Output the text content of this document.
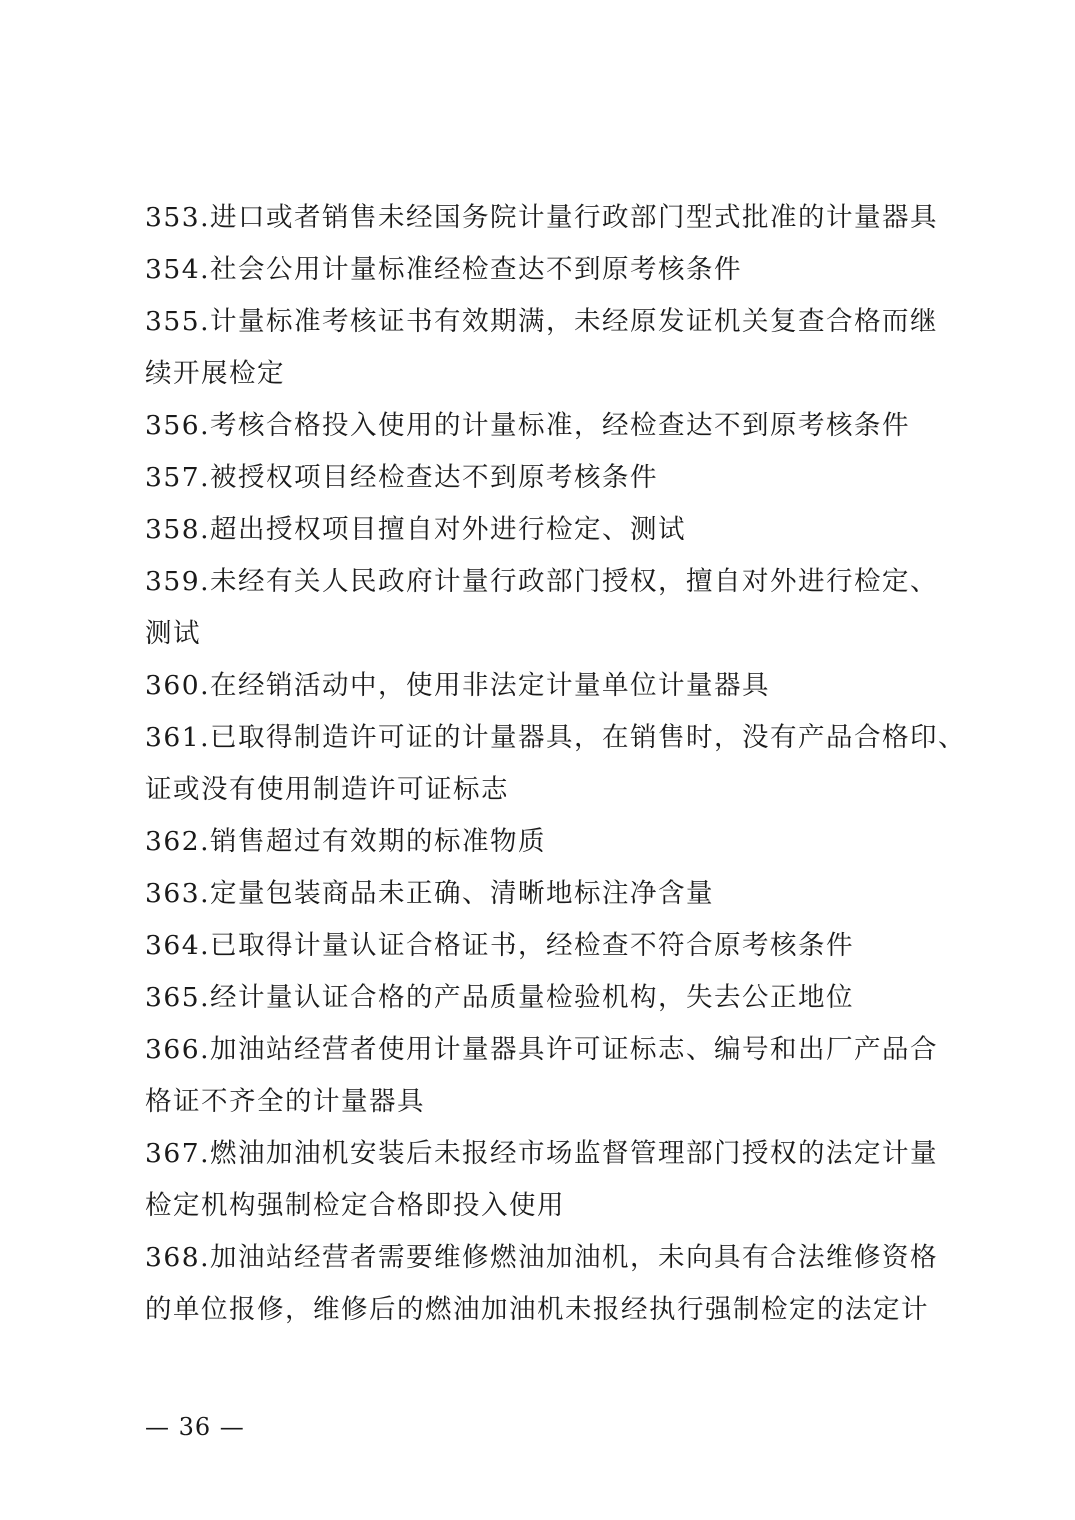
353.进口或者销售未经国务院计量行政部门型式批准的计量器具
354.社会公用计量标准经检查达不到原考核条件
355.计量标准考核证书有效期满，未经原发证机关复查合格而继
续开展检定
356.考核合格投入使用的计量标准，经检查达不到原考核条件
357.被授权项目经检查达不到原考核条件
358.超出授权项目擅自对外进行检定、测试
359.未经有关人民政府计量行政部门授权，擅自对外进行检定、
测试
360.在经销活动中，使用非法定计量单位计量器具
361.已取得制造许可证的计量器具，在销售时，没有产品合格印、
证或没有使用制造许可证标志
362.销售超过有效期的标准物质
363.定量包装商品未正确、清晰地标注净含量
364.已取得计量认证合格证书，经检查不符合原考核条件
365.经计量认证合格的产品质量检验机构，失去公正地位
366.加油站经营者使用计量器具许可证标志、编号和出厂产品合
格证不齐全的计量器具
367.燃油加油机安装后未报经市场监督管理部门授权的法定计量
检定机构强制检定合格即投入使用
368.加油站经营者需要维修燃油加油机，未向具有合法维修资格
的单位报修，维修后的燃油加油机未报经执行强制检定的法定计
— 36 —
